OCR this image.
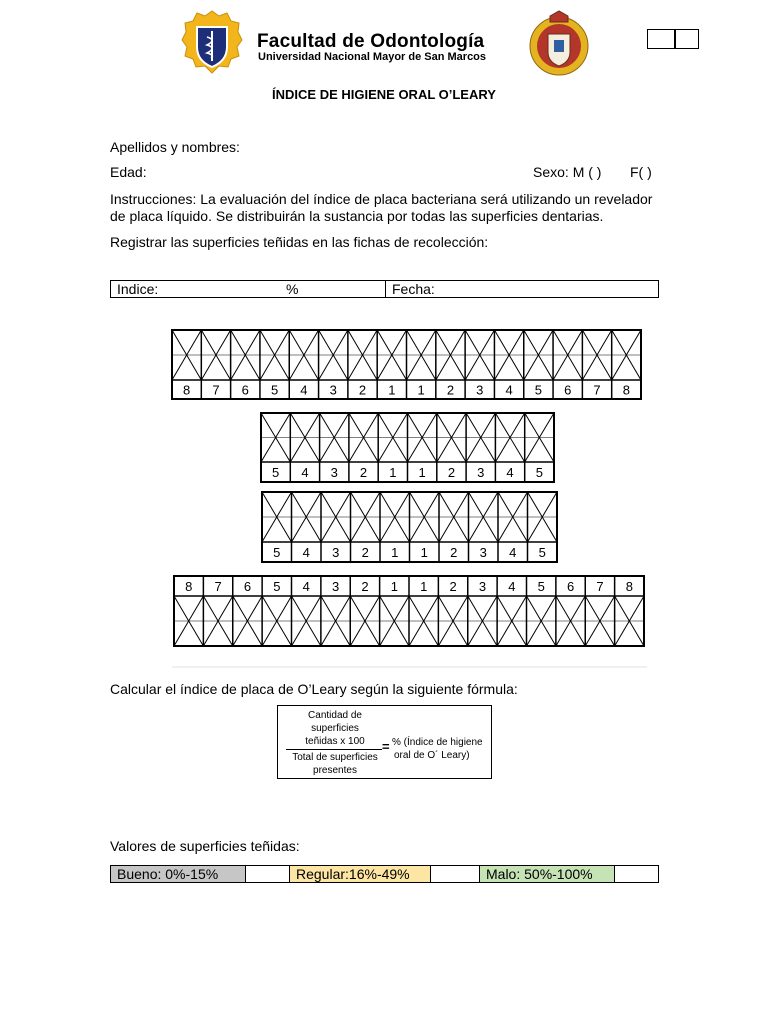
Facultad de Odontología
Universidad Nacional Mayor de San Marcos
ÍNDICE DE HIGIENE ORAL O’LEARY
Apellidos y nombres:
Edad:	Sexo: M ( ) F( )
Instrucciones: La evaluación del índice de placa bacteriana será utilizando un revelador
de placa líquido. Se distribuirán la sustancia por todas las superficies dentarias.
Registrar las superficies teñidas en las fichas de recolección:
Indice:	%	Fecha:
8 7 6 5 4 3 2 1 1 2 3 4 5 6 7 8
5 4 3 2 1 1 2 3 4 5
5 4 3 2 1 1 2 3 4 5
8 7 6 5 4 3 2 1 1 2 3 4 5 6 7 8
Calcular el índice de placa de O’Leary según la siguiente fórmula:
Cantidad de
superficies
teñidas x 100
Total de superficies
presentes
= % (Índice de higiene
oral de O´ Leary)
Valores de superficies teñidas:
Bueno: 0%-15%	Regular:16%-49%	Malo: 50%-100%
